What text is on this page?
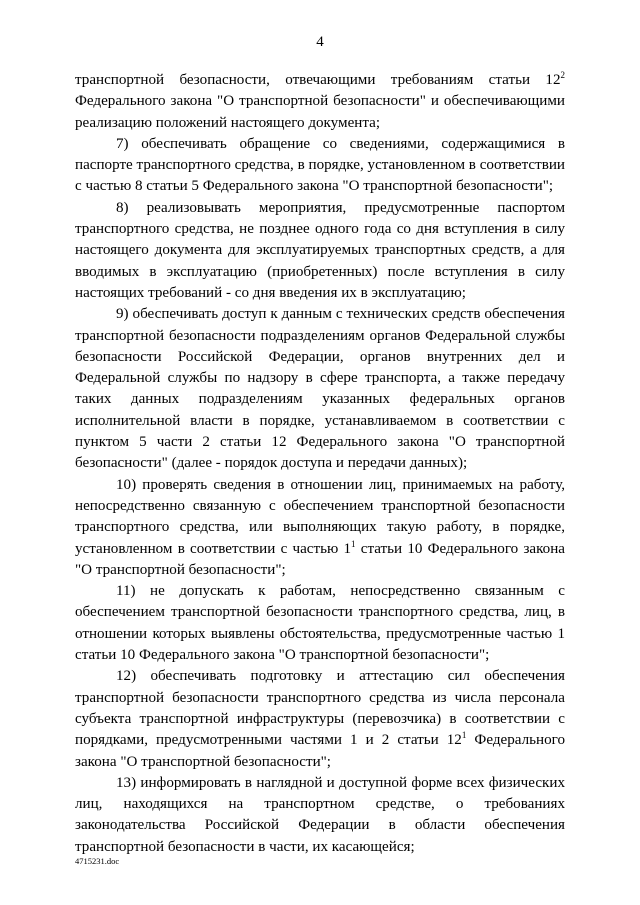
4

транспортной безопасности, отвечающими требованиям статьи $12^2$ Федерального закона "О транспортной безопасности" и обеспечивающими реализацию положений настоящего документа;

7) обеспечивать обращение со сведениями, содержащимися в паспорте транспортного средства, в порядке, установленном в соответствии с частью 8 статьи 5 Федерального закона "О транспортной безопасности";

8) реализовывать мероприятия, предусмотренные паспортом транспортного средства, не позднее одного года со дня вступления в силу настоящего документа для эксплуатируемых транспортных средств, а для вводимых в эксплуатацию (приобретенных) после вступления в силу настоящих требований - со дня введения их в эксплуатацию;

9) обеспечивать доступ к данным с технических средств обеспечения транспортной безопасности подразделениям органов Федеральной службы безопасности Российской Федерации, органов внутренних дел и Федеральной службы по надзору в сфере транспорта, а также передачу таких данных подразделениям указанных федеральных органов исполнительной власти в порядке, устанавливаемом в соответствии с пунктом 5 части 2 статьи 12 Федерального закона "О транспортной безопасности" (далее - порядок доступа и передачи данных);

10) проверять сведения в отношении лиц, принимаемых на работу, непосредственно связанную с обеспечением транспортной безопасности транспортного средства, или выполняющих такую работу, в порядке, установленном в соответствии с частью $1^1$ статьи 10 Федерального закона "О транспортной безопасности";

11) не допускать к работам, непосредственно связанным с обеспечением транспортной безопасности транспортного средства, лиц, в отношении которых выявлены обстоятельства, предусмотренные частью 1 статьи 10 Федерального закона "О транспортной безопасности";

12) обеспечивать подготовку и аттестацию сил обеспечения транспортной безопасности транспортного средства из числа персонала субъекта транспортной инфраструктуры (перевозчика) в соответствии с порядками, предусмотренными частями 1 и 2 статьи $12^1$ Федерального закона "О транспортной безопасности";

13) информировать в наглядной и доступной форме всех физических лиц, находящихся на транспортном средстве, о требованиях законодательства Российской Федерации в области обеспечения транспортной безопасности в части, их касающейся;

4715231.doc
